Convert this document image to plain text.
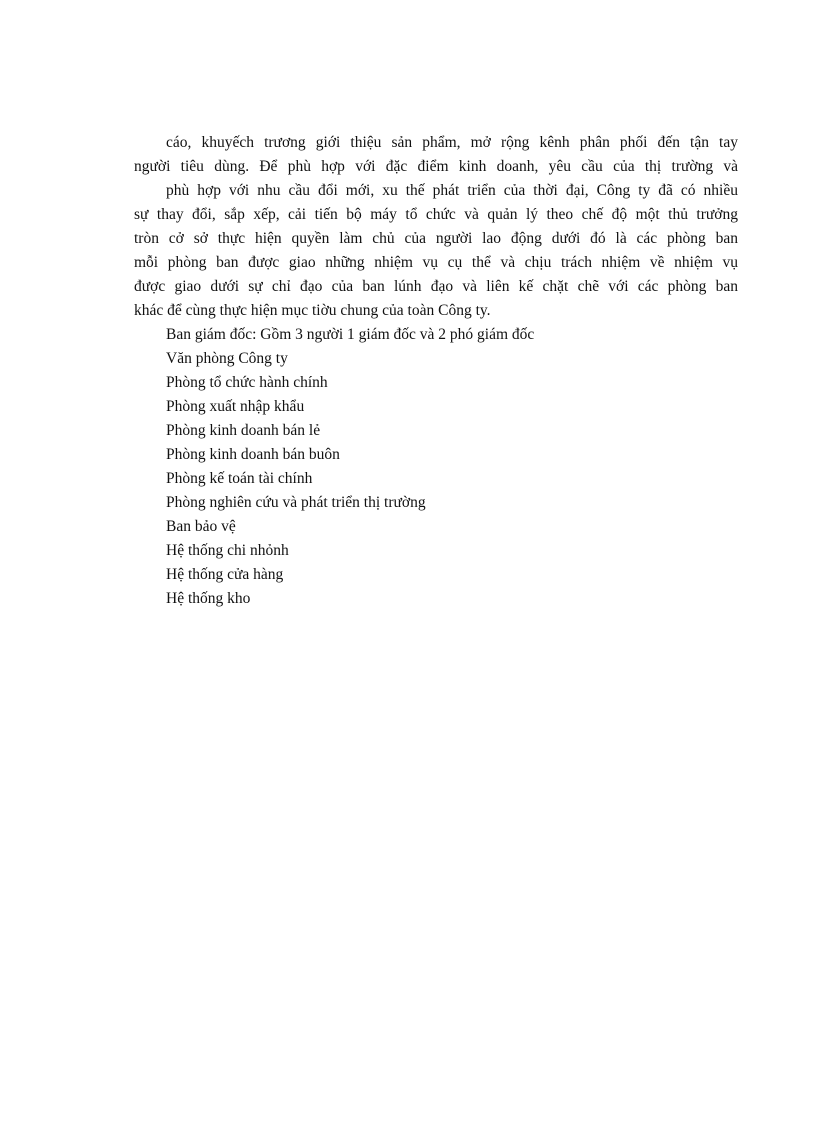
cáo, khuyếch trương giới thiệu sản phẩm, mở rộng kênh phân phối đến tận tay
người tiêu dùng. Để phù hợp với đặc điểm kinh doanh, yêu cầu của thị trường và
phù hợp với nhu cầu đổi mới, xu thế phát triển của thời đại, Công ty đã có nhiều
sự thay đổi, sắp xếp, cải tiến bộ máy tổ chức và quản lý theo chế độ một thủ trưởng
tròn cở sở thực hiện quyền làm chủ của người lao động dưới đó là các phòng ban
mỗi phòng ban được giao những nhiệm vụ cụ thể và chịu trách nhiệm về nhiệm vụ
được giao dưới sự chỉ đạo của ban lúnh đạo và liên kế chặt chẽ với các phòng ban
khác để cùng thực hiện mục tiờu chung của toàn Công ty.
Ban giám đốc: Gồm 3 người 1 giám đốc và 2 phó giám đốc
Văn phòng Công ty
Phòng tổ chức hành chính
Phòng xuất nhập khẩu
Phòng kinh doanh bán lẻ
Phòng kinh doanh bán buôn
Phòng kế toán tài chính
Phòng nghiên cứu và phát triển thị trường
Ban bảo vệ
Hệ thống chi nhỏnh
Hệ thống cửa hàng
Hệ thống kho
